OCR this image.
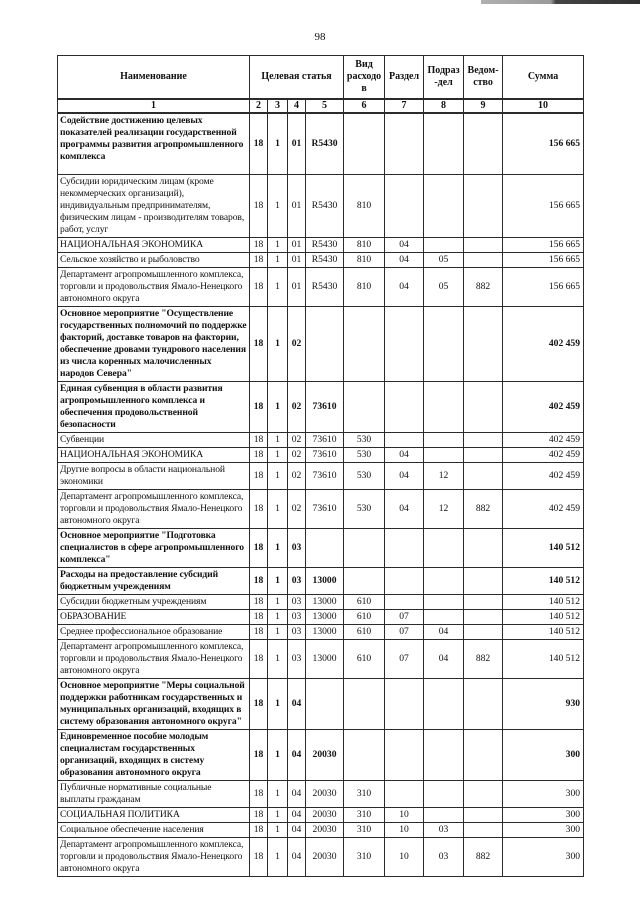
98
Наименование	Целевая статья				Вид расходов	Раздел	Подраз-дел	Ведом-ство	Сумма
1	2	3	4	5	6	7	8	9	10
Содействие достижению целевых показателей реализации государственной программы развития агропромышленного комплекса	18	1	01	R5430					156 665
Субсидии юридическим лицам (кроме некоммерческих организаций), индивидуальным предпринимателям, физическим лицам - производителям товаров, работ, услуг	18	1	01	R5430	810				156 665
НАЦИОНАЛЬНАЯ ЭКОНОМИКА	18	1	01	R5430	810	04			156 665
Сельское хозяйство и рыболовство	18	1	01	R5430	810	04	05		156 665
Департамент агропромышленного комплекса, торговли и продовольствия Ямало-Ненецкого автономного округа	18	1	01	R5430	810	04	05	882	156 665
Основное мероприятие "Осуществление государственных полномочий по поддержке факторий, доставке товаров на фактории, обеспечение дровами тундрового населения из числа коренных малочисленных народов Севера"	18	1	02						402 459
Единая субвенция в области развития агропромышленного комплекса и обеспечения продовольственной безопасности	18	1	02	73610					402 459
Субвенции	18	1	02	73610	530				402 459
НАЦИОНАЛЬНАЯ ЭКОНОМИКА	18	1	02	73610	530	04			402 459
Другие вопросы в области национальной экономики	18	1	02	73610	530	04	12		402 459
Департамент агропромышленного комплекса, торговли и продовольствия Ямало-Ненецкого автономного округа	18	1	02	73610	530	04	12	882	402 459
Основное мероприятие "Подготовка специалистов в сфере агропромышленного комплекса"	18	1	03						140 512
Расходы на предоставление субсидий бюджетным учреждениям	18	1	03	13000					140 512
Субсидии бюджетным учреждениям	18	1	03	13000	610				140 512
ОБРАЗОВАНИЕ	18	1	03	13000	610	07			140 512
Среднее профессиональное образование	18	1	03	13000	610	07	04		140 512
Департамент агропромышленного комплекса, торговли и продовольствия Ямало-Ненецкого автономного округа	18	1	03	13000	610	07	04	882	140 512
Основное мероприятие "Меры социальной поддержки работникам государственных и муниципальных организаций, входящих в систему образования автономного округа"	18	1	04						930
Единовременное пособие молодым специалистам государственных организаций, входящих в систему образования автономного округа	18	1	04	20030					300
Публичные нормативные социальные выплаты гражданам	18	1	04	20030	310				300
СОЦИАЛЬНАЯ ПОЛИТИКА	18	1	04	20030	310	10			300
Социальное обеспечение населения	18	1	04	20030	310	10	03		300
Департамент агропромышленного комплекса, торговли и продовольствия Ямало-Ненецкого автономного округа	18	1	04	20030	310	10	03	882	300
